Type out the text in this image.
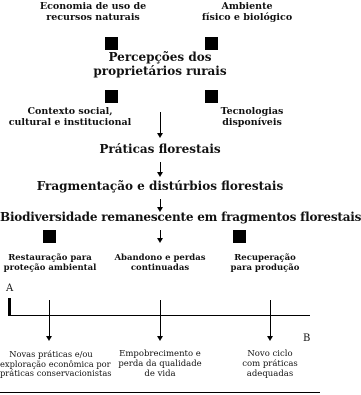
Economia de uso de
recursos naturais
Ambiente
físico e biológico
Percepções dos
proprietários rurais
Contexto social,
cultural e institucional
Tecnologias
disponíveis
Práticas florestais
Fragmentação e distúrbios florestais
Biodiversidade remanescente em fragmentos florestais
Restauração para
proteção ambiental
Abandono e perdas
continuadas
Recuperação
para produção
A
B
Novas práticas e/ou
exploração econômica por
práticas conservacionistas
Empobrecimento e
perda da qualidade
de vida
Novo ciclo
com práticas
adequadas
